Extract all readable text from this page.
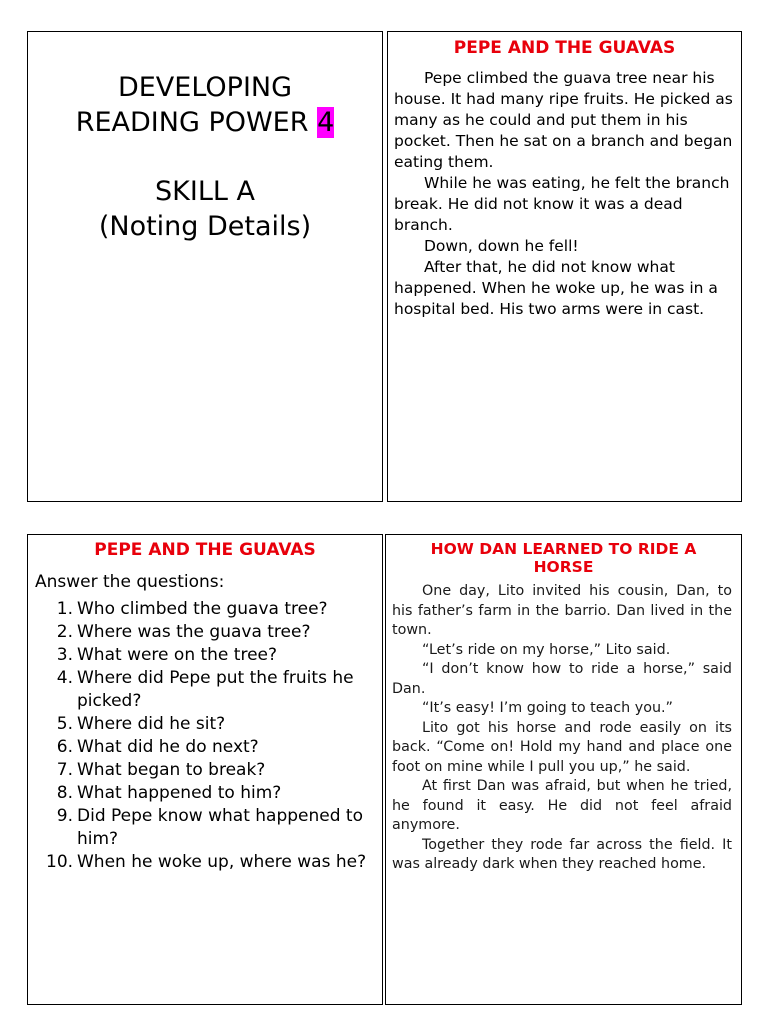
DEVELOPING
READING POWER 4
SKILL A
(Noting Details)
PEPE AND THE GUAVAS

Pepe climbed the guava tree near his house. It had many ripe fruits. He picked as many as he could and put them in his pocket. Then he sat on a branch and began eating them.

While he was eating, he felt the branch break. He did not know it was a dead branch.

Down, down he fell!

After that, he did not know what happened. When he woke up, he was in a hospital bed. His two arms were in cast.

PEPE AND THE GUAVAS
Answer the questions:
1. Who climbed the guava tree?
2. Where was the guava tree?
3. What were on the tree?
4. Where did Pepe put the fruits he picked?
5. Where did he sit?
6. What did he do next?
7. What began to break?
8. What happened to him?
9. Did Pepe know what happened to him?
10. When he woke up, where was he?
HOW DAN LEARNED TO RIDE A HORSE

One day, Lito invited his cousin, Dan, to his father’s farm in the barrio. Dan lived in the town.

“Let’s ride on my horse,” Lito said.

“I don’t know how to ride a horse,” said Dan.

“It’s easy! I’m going to teach you.”

Lito got his horse and rode easily on its back. “Come on! Hold my hand and place one foot on mine while I pull you up,” he said.

At first Dan was afraid, but when he tried, he found it easy. He did not feel afraid anymore.

Together they rode far across the field. It was already dark when they reached home.
